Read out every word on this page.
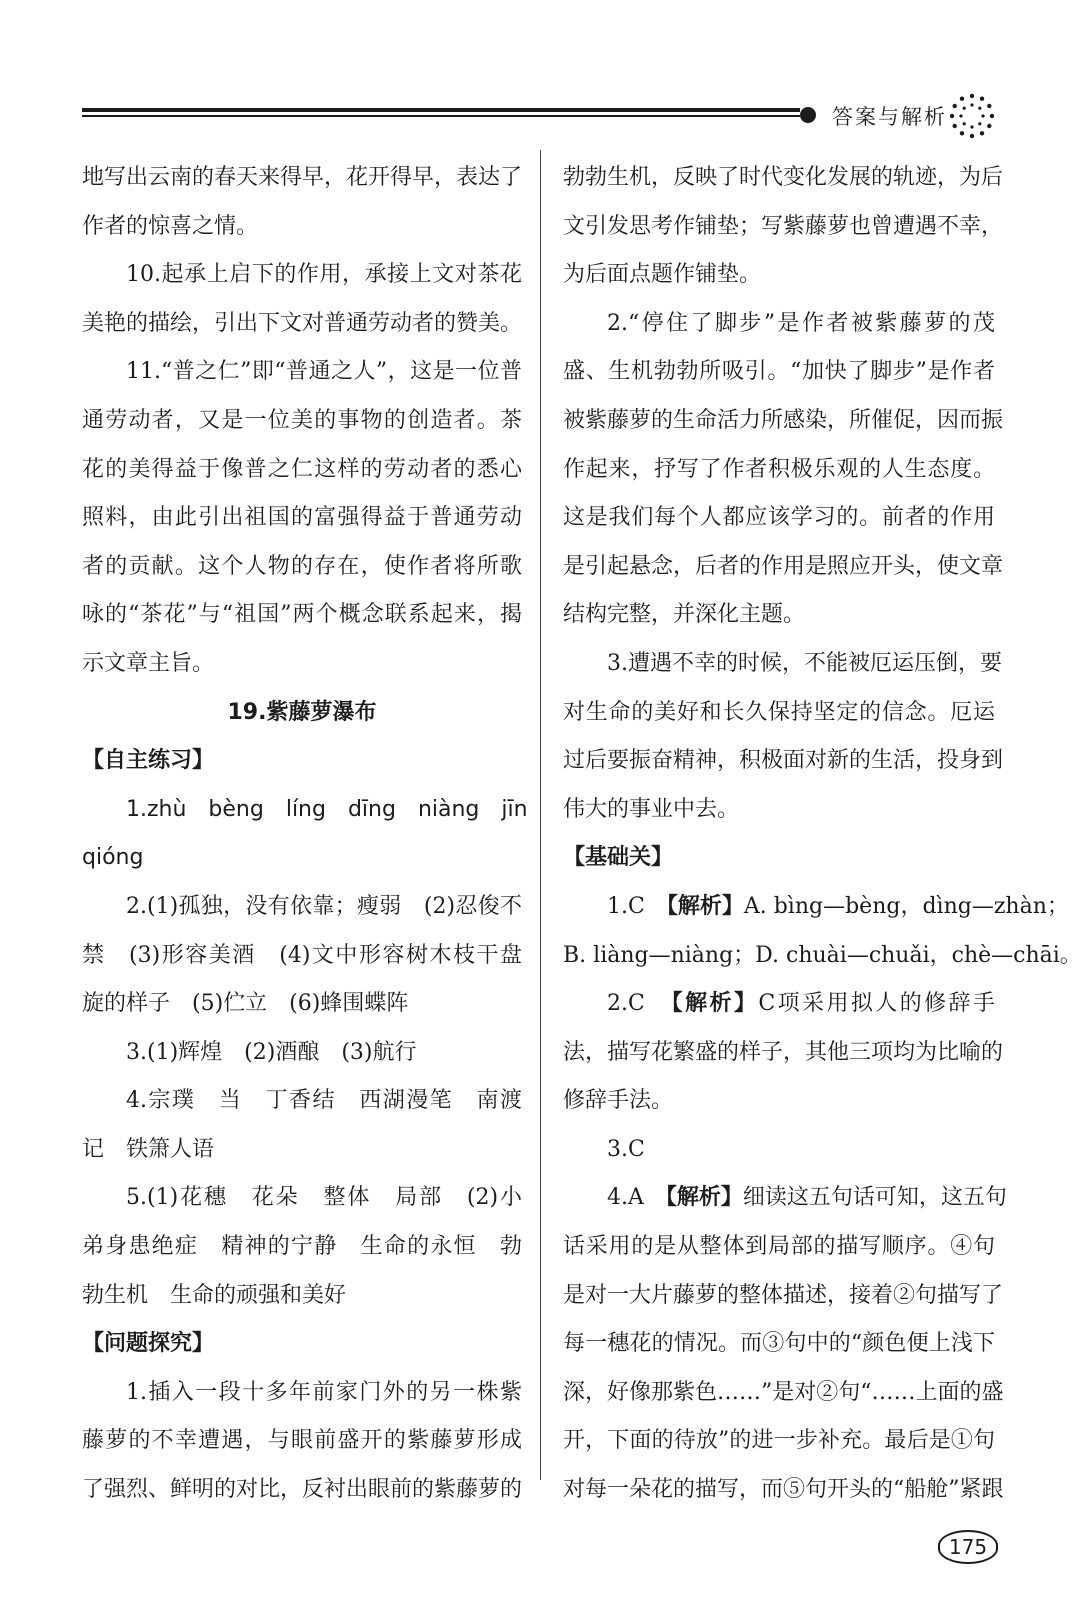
答案与解析
地写出云南的春天来得早，花开得早，表达了
作者的惊喜之情。
10.起承上启下的作用，承接上文对茶花
美艳的描绘，引出下文对普通劳动者的赞美。
11.“普之仁”即“普通之人”，这是一位普
通劳动者，又是一位美的事物的创造者。茶
花的美得益于像普之仁这样的劳动者的悉心
照料，由此引出祖国的富强得益于普通劳动
者的贡献。这个人物的存在，使作者将所歌
咏的“茶花”与“祖国”两个概念联系起来，揭
示文章主旨。
19.紫藤萝瀑布
【自主练习】
1.zhù　bèng　líng　dīng　niàng　jīn
qióng
2.(1)孤独，没有依靠；瘦弱　(2)忍俊不
禁　(3)形容美酒　(4)文中形容树木枝干盘
旋的样子　(5)伫立　(6)蜂围蝶阵
3.(1)辉煌　(2)酒酿　(3)航行
4.宗璞　当　丁香结　西湖漫笔　南渡
记　铁箫人语
5.(1)花穗　花朵　整体　局部　(2)小
弟身患绝症　精神的宁静　生命的永恒　勃
勃生机　生命的顽强和美好
【问题探究】
1.插入一段十多年前家门外的另一株紫
藤萝的不幸遭遇，与眼前盛开的紫藤萝形成
了强烈、鲜明的对比，反衬出眼前的紫藤萝的
勃勃生机，反映了时代变化发展的轨迹，为后
文引发思考作铺垫；写紫藤萝也曾遭遇不幸，
为后面点题作铺垫。
2.“停住了脚步”是作者被紫藤萝的茂
盛、生机勃勃所吸引。“加快了脚步”是作者
被紫藤萝的生命活力所感染，所催促，因而振
作起来，抒写了作者积极乐观的人生态度。
这是我们每个人都应该学习的。前者的作用
是引起悬念，后者的作用是照应开头，使文章
结构完整，并深化主题。
3.遭遇不幸的时候，不能被厄运压倒，要
对生命的美好和长久保持坚定的信念。厄运
过后要振奋精神，积极面对新的生活，投身到
伟大的事业中去。
【基础关】
1.C　【解析】A. bìng—bèng，dìng—zhàn；
B. liàng—niàng；D. chuài—chuǎi，chè—chāi。
2.C　【解析】C项采用拟人的修辞手
法，描写花繁盛的样子，其他三项均为比喻的
修辞手法。
3.C
4.A　【解析】细读这五句话可知，这五句
话采用的是从整体到局部的描写顺序。④句
是对一大片藤萝的整体描述，接着②句描写了
每一穗花的情况。而③句中的“颜色便上浅下
深，好像那紫色……”是对②句“……上面的盛
开，下面的待放”的进一步补充。最后是①句
对每一朵花的描写，而⑤句开头的“船舱”紧跟
175
